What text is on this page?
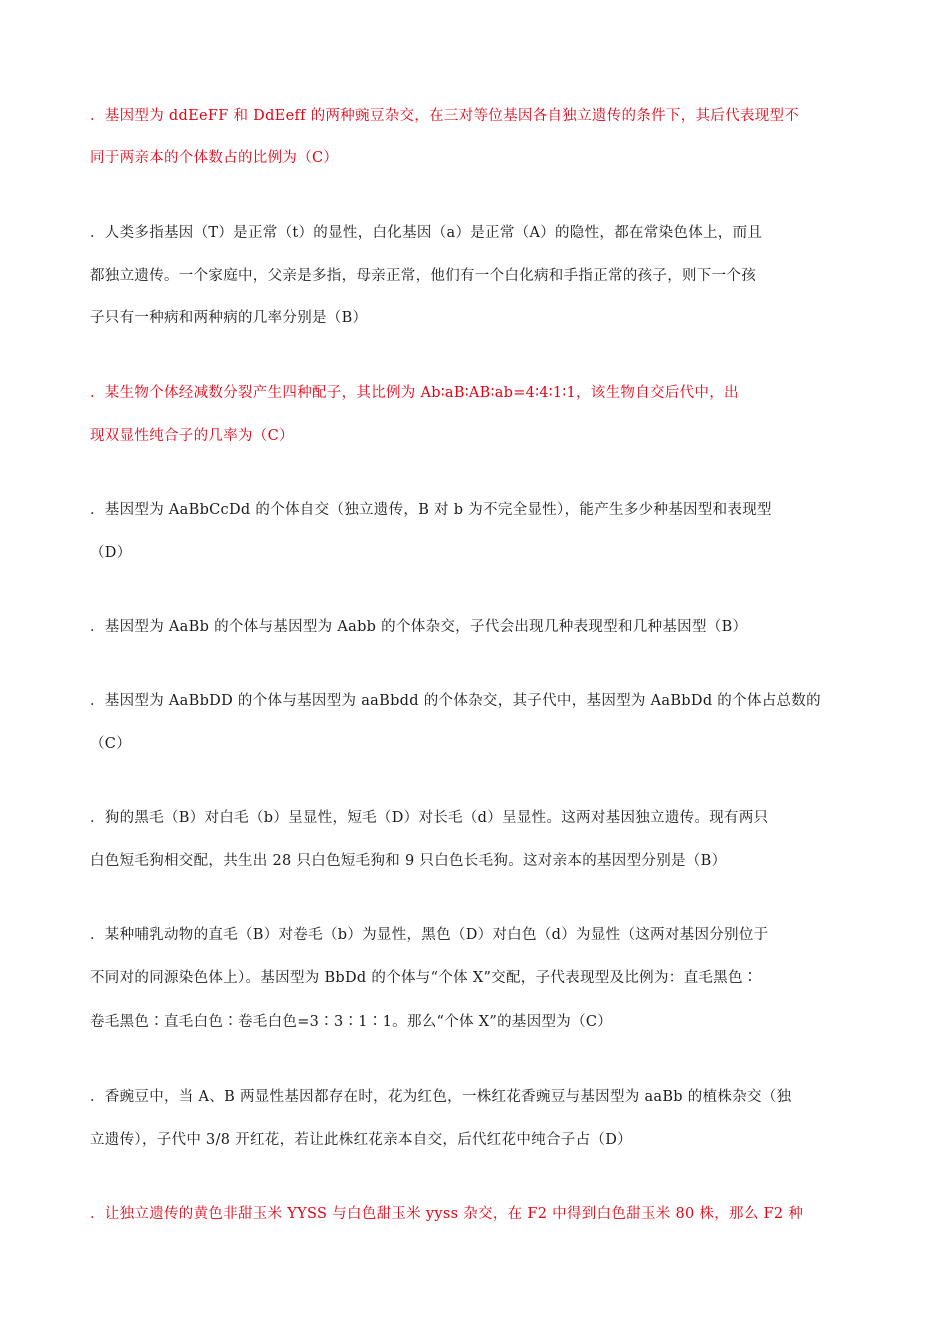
．基因型为 ddEeFF 和 DdEeff 的两种豌豆杂交，在三对等位基因各自独立遗传的条件下，其后代表现型不
同于两亲本的个体数占的比例为（C）
．人类多指基因（T）是正常（t）的显性，白化基因（a）是正常（A）的隐性，都在常染色体上，而且
都独立遗传。一个家庭中，父亲是多指，母亲正常，他们有一个白化病和手指正常的孩子，则下一个孩
子只有一种病和两种病的几率分别是（B）
．某生物个体经减数分裂产生四种配子，其比例为 Ab∶aB∶AB∶ab=4∶4∶1∶1，该生物自交后代中，出
现双显性纯合子的几率为（C）
．基因型为 AaBbCcDd 的个体自交（独立遗传，B 对 b 为不完全显性），能产生多少种基因型和表现型
（D）
．基因型为 AaBb 的个体与基因型为 Aabb 的个体杂交，子代会出现几种表现型和几种基因型（B）
．基因型为 AaBbDD 的个体与基因型为 aaBbdd 的个体杂交，其子代中，基因型为 AaBbDd 的个体占总数的
（C）
．狗的黑毛（B）对白毛（b）呈显性，短毛（D）对长毛（d）呈显性。这两对基因独立遗传。现有两只
白色短毛狗相交配，共生出 28 只白色短毛狗和 9 只白色长毛狗。这对亲本的基因型分别是（B）
．某种哺乳动物的直毛（B）对卷毛（b）为显性，黑色（D）对白色（d）为显性（这两对基因分别位于
不同对的同源染色体上）。基因型为 BbDd 的个体与“个体 X”交配，子代表现型及比例为：直毛黑色∶
卷毛黑色∶直毛白色∶卷毛白色=3∶3∶1∶1。那么“个体 X”的基因型为（C）
．香豌豆中，当 A、B 两显性基因都存在时，花为红色，一株红花香豌豆与基因型为 aaBb 的植株杂交（独
立遗传），子代中 3/8 开红花，若让此株红花亲本自交，后代红花中纯合子占（D）
．让独立遗传的黄色非甜玉米 YYSS 与白色甜玉米 yyss 杂交，在 F2 中得到白色甜玉米 80 株，那么 F2 种
